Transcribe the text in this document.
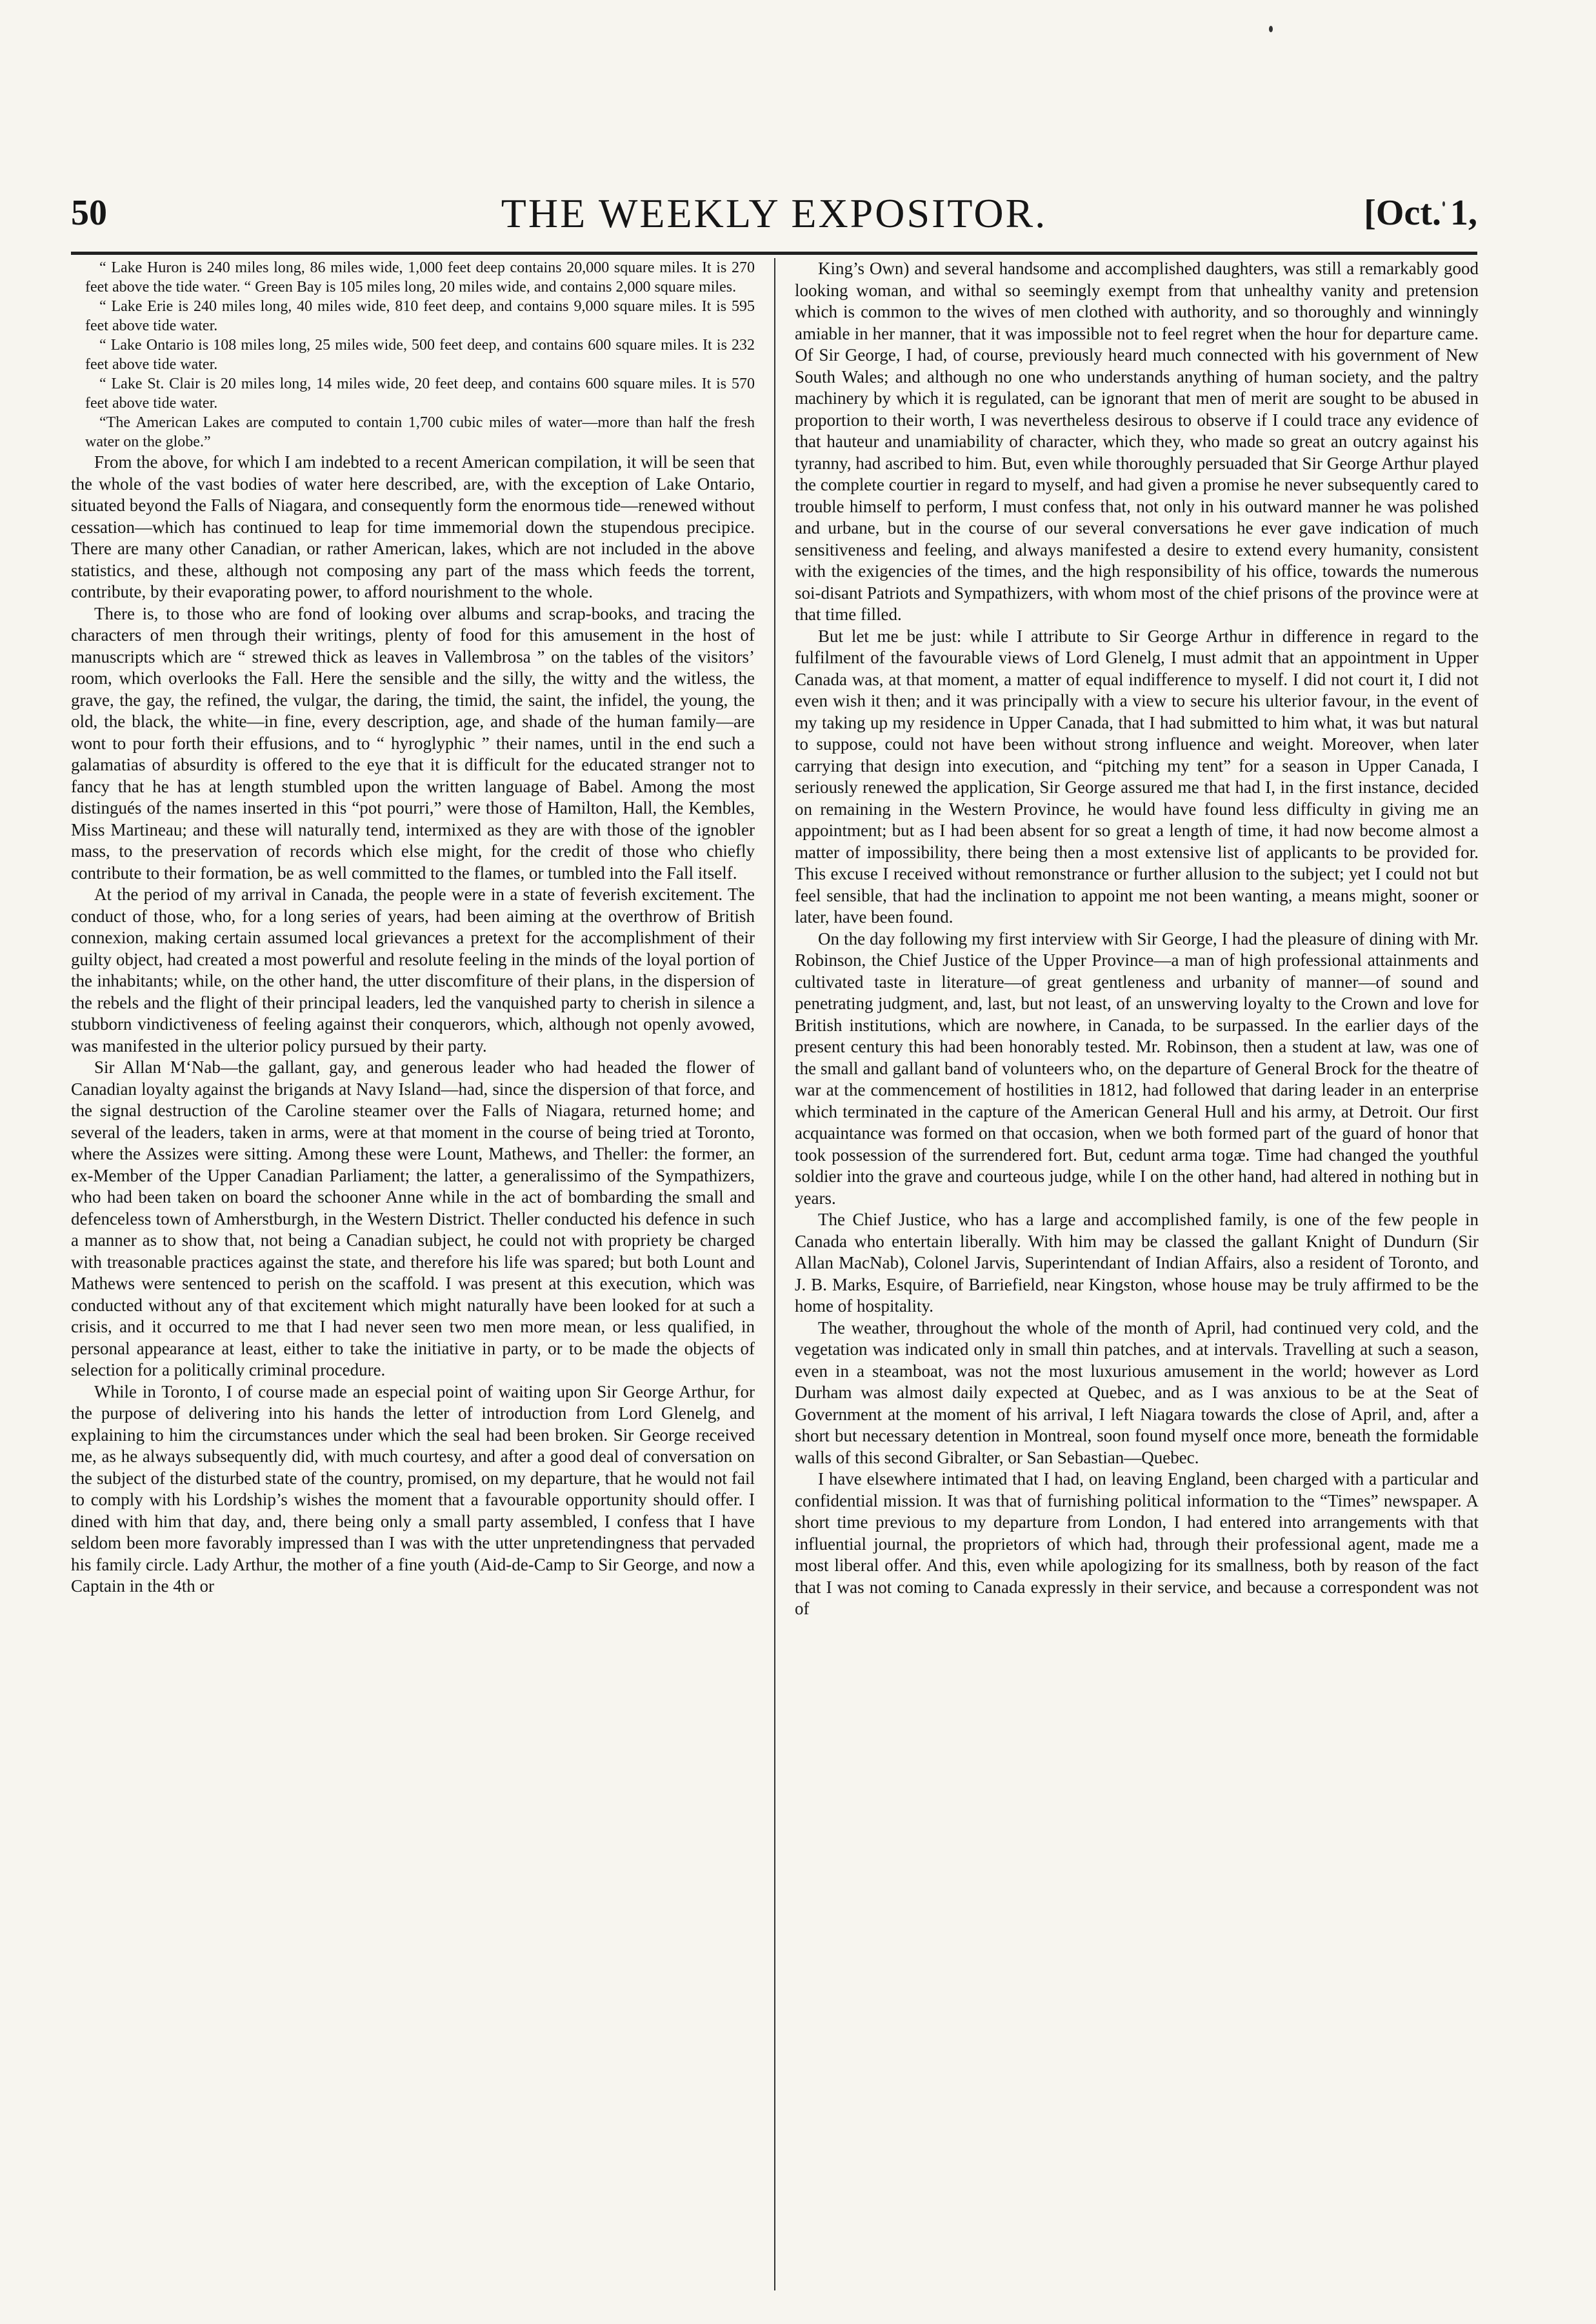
50	THE WEEKLY EXPOSITOR.	[Oct. 1,

“ Lake Huron is 240 miles long, 86 miles wide, 1,000 feet deep contains 20,000 square miles. It is 270 feet above the tide water. “ Green Bay is 105 miles long, 20 miles wide, and contains 2,000 square miles.

“ Lake Erie is 240 miles long, 40 miles wide, 810 feet deep, and contains 9,000 square miles. It is 595 feet above tide water.

“ Lake Ontario is 108 miles long, 25 miles wide, 500 feet deep, and contains 600 square miles. It is 232 feet above tide water.

“ Lake St. Clair is 20 miles long, 14 miles wide, 20 feet deep, and contains 600 square miles. It is 570 feet above tide water.

“The American Lakes are computed to contain 1,700 cubic miles of water—more than half the fresh water on the globe.”

From the above, for which I am indebted to a recent American compilation, it will be seen that the whole of the vast bodies of water here described, are, with the exception of Lake Ontario, situated beyond the Falls of Niagara, and consequently form the enormous tide—renewed without cessation—which has continued to leap for time immemorial down the stupendous precipice. There are many other Canadian, or rather American, lakes, which are not included in the above statistics, and these, although not composing any part of the mass which feeds the torrent, contribute, by their evaporating power, to afford nourishment to the whole.

There is, to those who are fond of looking over albums and scrap-books, and tracing the characters of men through their writings, plenty of food for this amusement in the host of manuscripts which are “ strewed thick as leaves in Vallembrosa ” on the tables of the visitors’ room, which overlooks the Fall. Here the sensible and the silly, the witty and the witless, the grave, the gay, the refined, the vulgar, the daring, the timid, the saint, the infidel, the young, the old, the black, the white—in fine, every description, age, and shade of the human family—are wont to pour forth their effusions, and to “ hyroglyphic ” their names, until in the end such a galamatias of absurdity is offered to the eye that it is difficult for the educated stranger not to fancy that he has at length stumbled upon the written language of Babel. Among the most distingués of the names inserted in this “pot pourri,” were those of Hamilton, Hall, the Kembles, Miss Martineau; and these will naturally tend, intermixed as they are with those of the ignobler mass, to the preservation of records which else might, for the credit of those who chiefly contribute to their formation, be as well committed to the flames, or tumbled into the Fall itself.

At the period of my arrival in Canada, the people were in a state of feverish excitement. The conduct of those, who, for a long series of years, had been aiming at the overthrow of British connexion, making certain assumed local grievances a pretext for the accomplishment of their guilty object, had created a most powerful and resolute feeling in the minds of the loyal portion of the inhabitants; while, on the other hand, the utter discomfiture of their plans, in the dispersion of the rebels and the flight of their principal leaders, led the vanquished party to cherish in silence a stubborn vindictiveness of feeling against their conquerors, which, although not openly avowed, was manifested in the ulterior policy pursued by their party.

Sir Allan M‘Nab—the gallant, gay, and generous leader who had headed the flower of Canadian loyalty against the brigands at Navy Island—had, since the dispersion of that force, and the signal destruction of the Caroline steamer over the Falls of Niagara, returned home; and several of the leaders, taken in arms, were at that moment in the course of being tried at Toronto, where the Assizes were sitting. Among these were Lount, Mathews, and Theller: the former, an ex-Member of the Upper Canadian Parliament; the latter, a generalissimo of the Sympathizers, who had been taken on board the schooner Anne while in the act of bombarding the small and defenceless town of Amherstburgh, in the Western District. Theller conducted his defence in such a manner as to show that, not being a Canadian subject, he could not with propriety be charged with treasonable practices against the state, and therefore his life was spared; but both Lount and Mathews were sentenced to perish on the scaffold. I was present at this execution, which was conducted without any of that excitement which might naturally have been looked for at such a crisis, and it occurred to me that I had never seen two men more mean, or less qualified, in personal appearance at least, either to take the initiative in party, or to be made the objects of selection for a politically criminal procedure.

While in Toronto, I of course made an especial point of waiting upon Sir George Arthur, for the purpose of delivering into his hands the letter of introduction from Lord Glenelg, and explaining to him the circumstances under which the seal had been broken. Sir George received me, as he always subsequently did, with much courtesy, and after a good deal of conversation on the subject of the disturbed state of the country, promised, on my departure, that he would not fail to comply with his Lordship’s wishes the moment that a favourable opportunity should offer. I dined with him that day, and, there being only a small party assembled, I confess that I have seldom been more favorably impressed than I was with the utter unpretendingness that pervaded his family circle. Lady Arthur, the mother of a fine youth (Aid-de-Camp to Sir George, and now a Captain in the 4th or

King’s Own) and several handsome and accomplished daughters, was still a remarkably good looking woman, and withal so seemingly exempt from that unhealthy vanity and pretension which is common to the wives of men clothed with authority, and so thoroughly and winningly amiable in her manner, that it was impossible not to feel regret when the hour for departure came. Of Sir George, I had, of course, previously heard much connected with his government of New South Wales; and although no one who understands anything of human society, and the paltry machinery by which it is regulated, can be ignorant that men of merit are sought to be abused in proportion to their worth, I was nevertheless desirous to observe if I could trace any evidence of that hauteur and unamiability of character, which they, who made so great an outcry against his tyranny, had ascribed to him. But, even while thoroughly persuaded that Sir George Arthur played the complete courtier in regard to myself, and had given a promise he never subsequently cared to trouble himself to perform, I must confess that, not only in his outward manner he was polished and urbane, but in the course of our several conversations he ever gave indication of much sensitiveness and feeling, and always manifested a desire to extend every humanity, consistent with the exigencies of the times, and the high responsibility of his office, towards the numerous soi-disant Patriots and Sympathizers, with whom most of the chief prisons of the province were at that time filled.

But let me be just: while I attribute to Sir George Arthur in difference in regard to the fulfilment of the favourable views of Lord Glenelg, I must admit that an appointment in Upper Canada was, at that moment, a matter of equal indifference to myself. I did not court it, I did not even wish it then; and it was principally with a view to secure his ulterior favour, in the event of my taking up my residence in Upper Canada, that I had submitted to him what, it was but natural to suppose, could not have been without strong influence and weight. Moreover, when later carrying that design into execution, and “pitching my tent” for a season in Upper Canada, I seriously renewed the application, Sir George assured me that had I, in the first instance, decided on remaining in the Western Province, he would have found less difficulty in giving me an appointment; but as I had been absent for so great a length of time, it had now become almost a matter of impossibility, there being then a most extensive list of applicants to be provided for. This excuse I received without remonstrance or further allusion to the subject; yet I could not but feel sensible, that had the inclination to appoint me not been wanting, a means might, sooner or later, have been found.

On the day following my first interview with Sir George, I had the pleasure of dining with Mr. Robinson, the Chief Justice of the Upper Province—a man of high professional attainments and cultivated taste in literature—of great gentleness and urbanity of manner—of sound and penetrating judgment, and, last, but not least, of an unswerving loyalty to the Crown and love for British institutions, which are nowhere, in Canada, to be surpassed. In the earlier days of the present century this had been honorably tested. Mr. Robinson, then a student at law, was one of the small and gallant band of volunteers who, on the departure of General Brock for the theatre of war at the commencement of hostilities in 1812, had followed that daring leader in an enterprise which terminated in the capture of the American General Hull and his army, at Detroit. Our first acquaintance was formed on that occasion, when we both formed part of the guard of honor that took possession of the surrendered fort. But, cedunt arma togæ. Time had changed the youthful soldier into the grave and courteous judge, while I on the other hand, had altered in nothing but in years.

The Chief Justice, who has a large and accomplished family, is one of the few people in Canada who entertain liberally. With him may be classed the gallant Knight of Dundurn (Sir Allan MacNab), Colonel Jarvis, Superintendant of Indian Affairs, also a resident of Toronto, and J. B. Marks, Esquire, of Barriefield, near Kingston, whose house may be truly affirmed to be the home of hospitality.

The weather, throughout the whole of the month of April, had continued very cold, and the vegetation was indicated only in small thin patches, and at intervals. Travelling at such a season, even in a steamboat, was not the most luxurious amusement in the world; however as Lord Durham was almost daily expected at Quebec, and as I was anxious to be at the Seat of Government at the moment of his arrival, I left Niagara towards the close of April, and, after a short but necessary detention in Montreal, soon found myself once more, beneath the formidable walls of this second Gibralter, or San Sebastian—Quebec.

I have elsewhere intimated that I had, on leaving England, been charged with a particular and confidential mission. It was that of furnishing political information to the “Times” newspaper. A short time previous to my departure from London, I had entered into arrangements with that influential journal, the proprietors of which had, through their professional agent, made me a most liberal offer. And this, even while apologizing for its smallness, both by reason of the fact that I was not coming to Canada expressly in their service, and because a correspondent was not of
